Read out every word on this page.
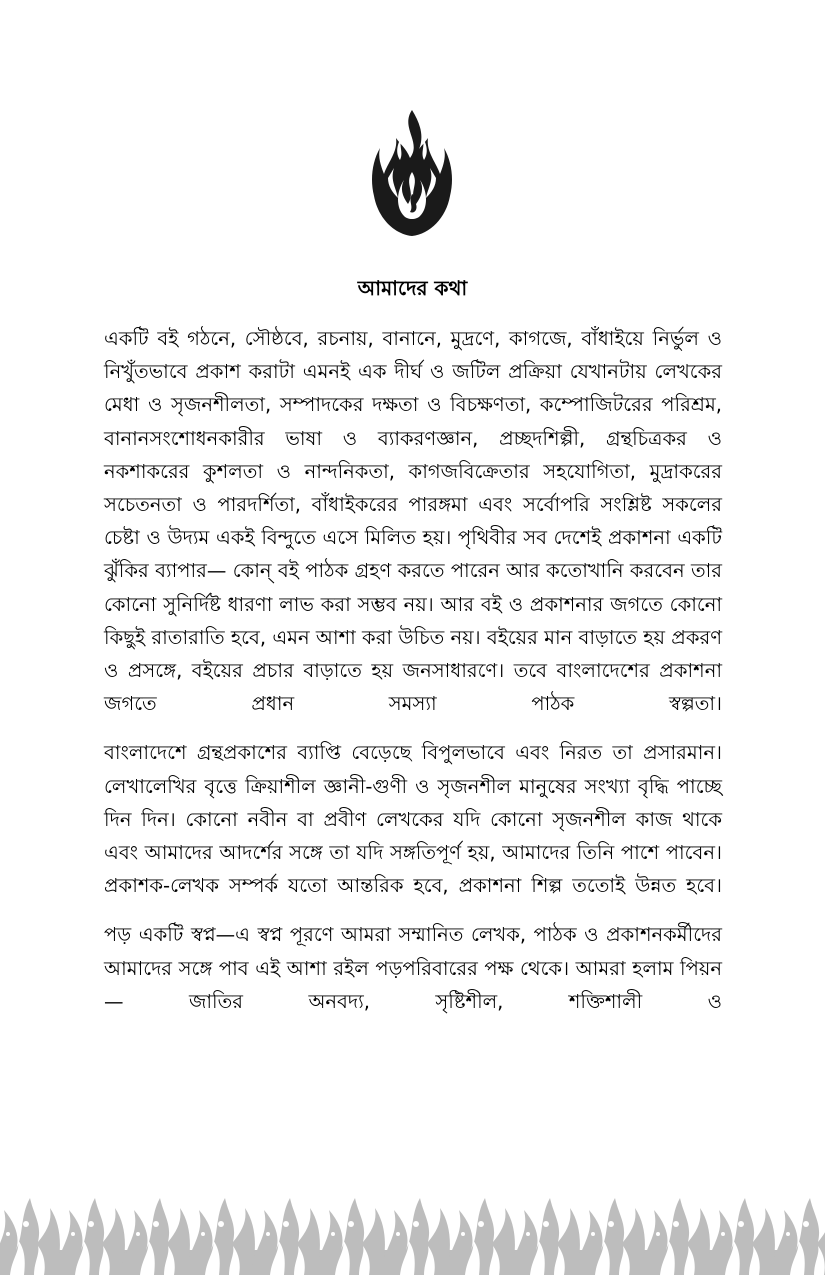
আমাদের কথা

একটি বই গঠনে, সৌষ্ঠবে, রচনায়, বানানে, মুদ্রণে, কাগজে, বাঁধাইয়ে নির্ভুল ও নিখুঁতভাবে প্রকাশ করাটা এমনই এক দীর্ঘ ও জটিল প্রক্রিয়া যেখানটায় লেখকের মেধা ও সৃজনশীলতা, সম্পাদকের দক্ষতা ও বিচক্ষণতা, কম্পোজিটরের পরিশ্রম, বানানসংশোধনকারীর ভাষা ও ব্যাকরণজ্ঞান, প্রচ্ছদশিল্পী, গ্রন্থচিত্রকর ও নকশাকরের কুশলতা ও নান্দনিকতা, কাগজবিক্রেতার সহযোগিতা, মুদ্রাকরের সচেতনতা ও পারদর্শিতা, বাঁধাইকরের পারঙ্গমা এবং সর্বোপরি সংশ্লিষ্ট সকলের চেষ্টা ও উদ্যম একই বিন্দুতে এসে মিলিত হয়। পৃথিবীর সব দেশেই প্রকাশনা একটি ঝুঁকির ব্যাপার— কোন্ বই পাঠক গ্রহণ করতে পারেন আর কতোখানি করবেন তার কোনো সুনির্দিষ্ট ধারণা লাভ করা সম্ভব নয়। আর বই ও প্রকাশনার জগতে কোনো কিছুই রাতারাতি হবে, এমন আশা করা উচিত নয়। বইয়ের মান বাড়াতে হয় প্রকরণ ও প্রসঙ্গে, বইয়ের প্রচার বাড়াতে হয় জনসাধারণে। তবে বাংলাদেশের প্রকাশনা জগতে প্রধান সমস্যা পাঠক স্বল্পতা।

বাংলাদেশে গ্রন্থপ্রকাশের ব্যাপ্তি বেড়েছে বিপুলভাবে এবং নিরত তা প্রসারমান। লেখালেখির বৃত্তে ক্রিয়াশীল জ্ঞানী-গুণী ও সৃজনশীল মানুষের সংখ্যা বৃদ্ধি পাচ্ছে দিন দিন। কোনো নবীন বা প্রবীণ লেখকের যদি কোনো সৃজনশীল কাজ থাকে এবং আমাদের আদর্শের সঙ্গে তা যদি সঙ্গতিপূর্ণ হয়, আমাদের তিনি পাশে পাবেন। প্রকাশক-লেখক সম্পর্ক যতো আন্তরিক হবে, প্রকাশনা শিল্প ততোই উন্নত হবে।

পড় একটি স্বপ্ন—এ স্বপ্ন পূরণে আমরা সম্মানিত লেখক, পাঠক ও প্রকাশনকর্মীদের আমাদের সঙ্গে পাব এই আশা রইল পড়পরিবারের পক্ষ থেকে। আমরা হলাম পিয়ন— জাতির অনবদ্য, সৃষ্টিশীল, শক্তিশালী ও
